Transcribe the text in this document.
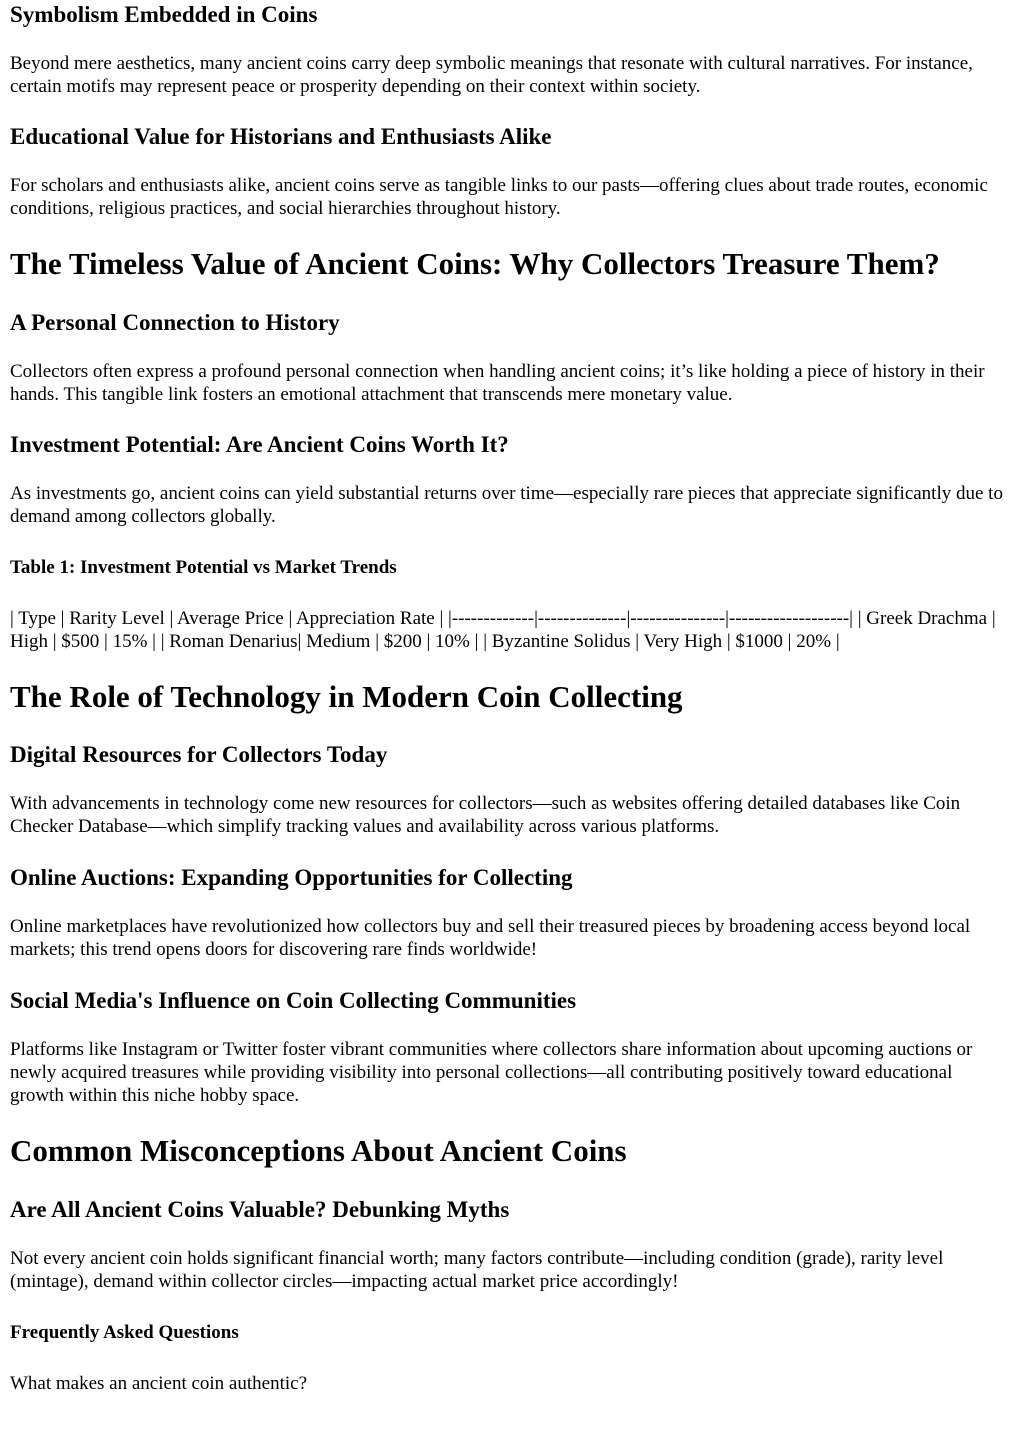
Symbolism Embedded in Coins

Beyond mere aesthetics, many ancient coins carry deep symbolic meanings that resonate with cultural narratives. For instance, certain motifs may represent peace or prosperity depending on their context within society.

Educational Value for Historians and Enthusiasts Alike

For scholars and enthusiasts alike, ancient coins serve as tangible links to our pasts—offering clues about trade routes, economic conditions, religious practices, and social hierarchies throughout history.

The Timeless Value of Ancient Coins: Why Collectors Treasure Them?
A Personal Connection to History

Collectors often express a profound personal connection when handling ancient coins; it’s like holding a piece of history in their hands. This tangible link fosters an emotional attachment that transcends mere monetary value.

Investment Potential: Are Ancient Coins Worth It?

As investments go, ancient coins can yield substantial returns over time—especially rare pieces that appreciate significantly due to demand among collectors globally.

Table 1: Investment Potential vs Market Trends

| Type | Rarity Level | Average Price | Appreciation Rate | |-------------|--------------|---------------|-------------------| | Greek Drachma | High | $500 | 15% | | Roman Denarius| Medium | $200 | 10% | | Byzantine Solidus | Very High | $1000 | 20% |

The Role of Technology in Modern Coin Collecting
Digital Resources for Collectors Today

With advancements in technology come new resources for collectors—such as websites offering detailed databases like Coin Checker Database—which simplify tracking values and availability across various platforms.

Online Auctions: Expanding Opportunities for Collecting

Online marketplaces have revolutionized how collectors buy and sell their treasured pieces by broadening access beyond local markets; this trend opens doors for discovering rare finds worldwide!

Social Media's Influence on Coin Collecting Communities

Platforms like Instagram or Twitter foster vibrant communities where collectors share information about upcoming auctions or newly acquired treasures while providing visibility into personal collections—all contributing positively toward educational growth within this niche hobby space.

Common Misconceptions About Ancient Coins
Are All Ancient Coins Valuable? Debunking Myths

Not every ancient coin holds significant financial worth; many factors contribute—including condition (grade), rarity level (mintage), demand within collector circles—impacting actual market price accordingly!

Frequently Asked Questions

What makes an ancient coin authentic?
